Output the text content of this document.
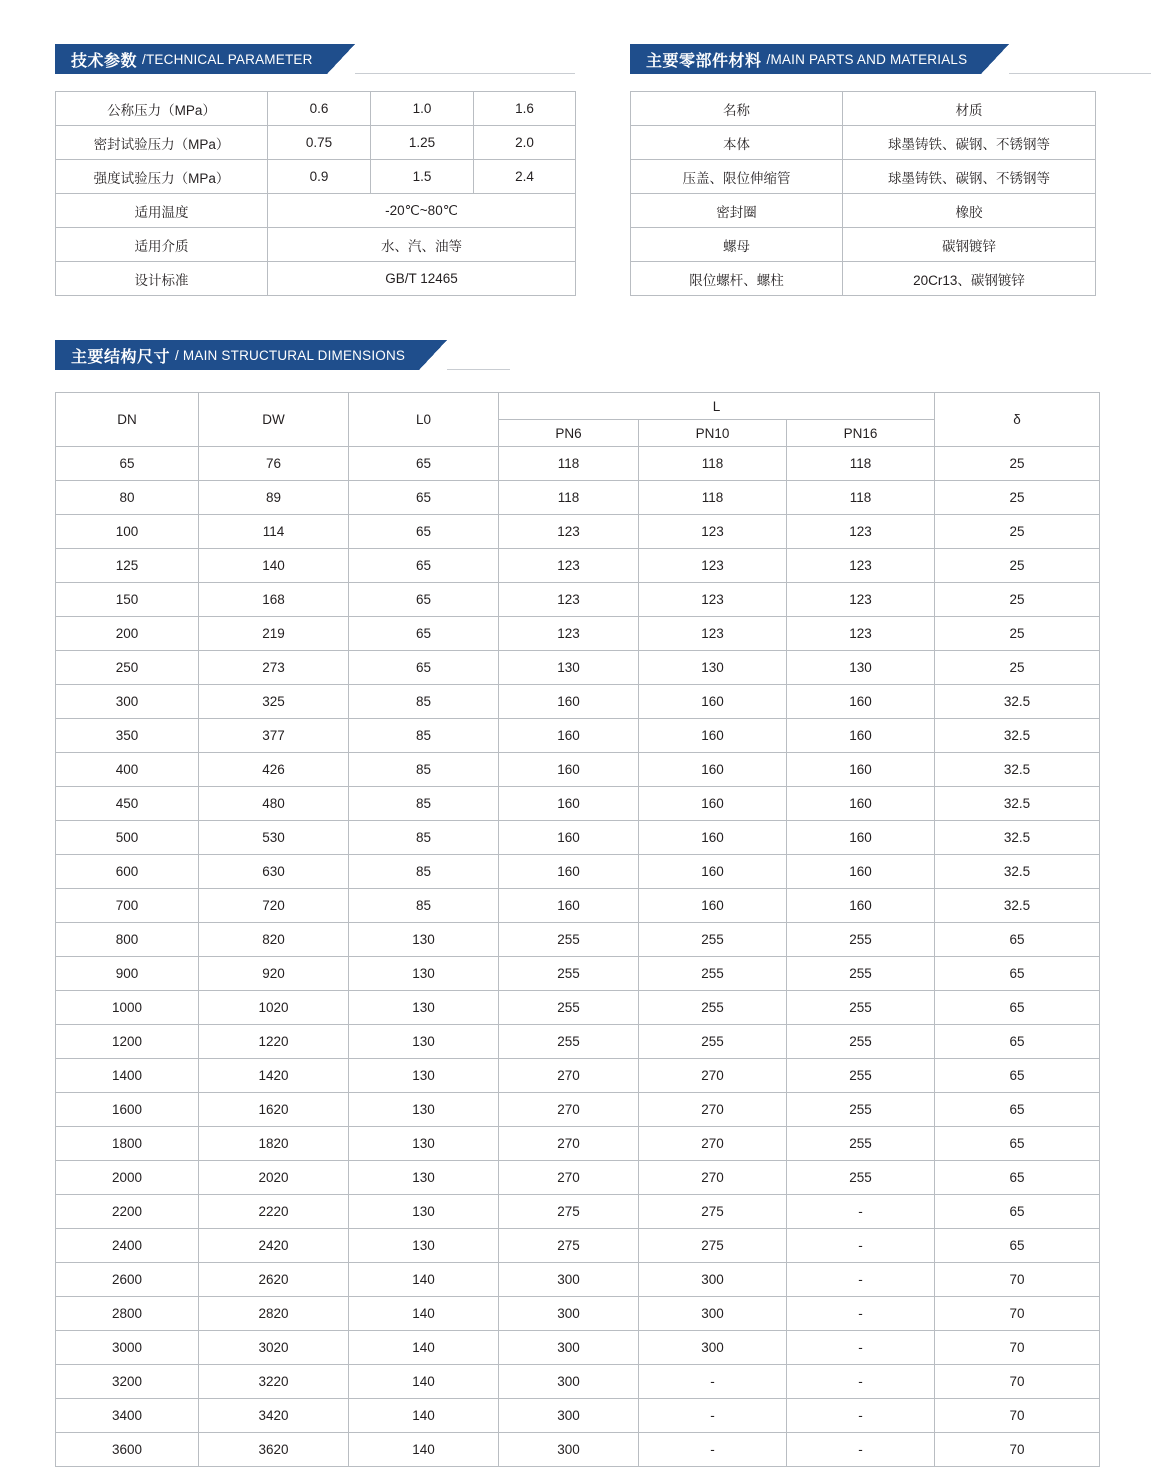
技术参数 /TECHNICAL PARAMETER
公称压力（MPa）	0.6	1.0	1.6
密封试验压力（MPa）	0.75	1.25	2.0
强度试验压力（MPa）	0.9	1.5	2.4
适用温度	-20℃~80℃		
适用介质	水、汽、油等		
设计标准	GB/T 12465		
主要零部件材料 /MAIN PARTS AND MATERIALS
名称	材质
本体	球墨铸铁、碳钢、不锈钢等
压盖、限位伸缩管	球墨铸铁、碳钢、不锈钢等
密封圈	橡胶
螺母	碳钢镀锌
限位螺杆、螺柱	20Cr13、碳钢镀锌
主要结构尺寸 / MAIN STRUCTURAL DIMENSIONS
DN	DW	L0	L			δ
			PN6	PN10	PN16	
65	76	65	118	118	118	25
80	89	65	118	118	118	25
100	114	65	123	123	123	25
125	140	65	123	123	123	25
150	168	65	123	123	123	25
200	219	65	123	123	123	25
250	273	65	130	130	130	25
300	325	85	160	160	160	32.5
350	377	85	160	160	160	32.5
400	426	85	160	160	160	32.5
450	480	85	160	160	160	32.5
500	530	85	160	160	160	32.5
600	630	85	160	160	160	32.5
700	720	85	160	160	160	32.5
800	820	130	255	255	255	65
900	920	130	255	255	255	65
1000	1020	130	255	255	255	65
1200	1220	130	255	255	255	65
1400	1420	130	270	270	255	65
1600	1620	130	270	270	255	65
1800	1820	130	270	270	255	65
2000	2020	130	270	270	255	65
2200	2220	130	275	275	-	65
2400	2420	130	275	275	-	65
2600	2620	140	300	300	-	70
2800	2820	140	300	300	-	70
3000	3020	140	300	300	-	70
3200	3220	140	300	-	-	70
3400	3420	140	300	-	-	70
3600	3620	140	300	-	-	70
